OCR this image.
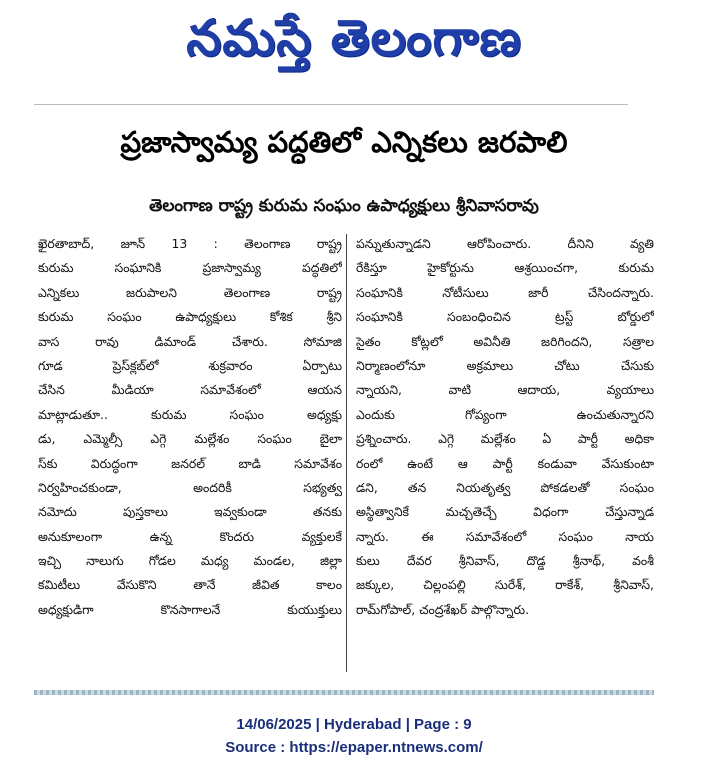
నమస్తే తెలంగాణ
ప్రజాస్వామ్య పద్ధతిలో ఎన్నికలు జరపాలి
తెలంగాణ రాష్ట్ర కురుమ సంఘం ఉపాధ్యక్షులు శ్రీనివాసరావు
ఖైరతాబాద్, జూన్ 13 : తెలంగాణ రాష్ట్ర
కురుమ సంఘానికి ప్రజాస్వామ్య పద్ధతిలో
ఎన్నికలు జరుపాలని తెలంగాణ రాష్ట్ర
కురుమ సంఘం ఉపాధ్యక్షులు కోశిక శ్రీని
వాస రావు డిమాండ్ చేశారు. సోమాజి
గూడ ప్రెస్‌క్లబ్‌లో శుక్రవారం ఏర్పాటు
చేసిన మీడియా సమావేశంలో ఆయన
మాట్లాడుతూ.. కురుమ సంఘం అధ్యక్షు
డు, ఎమ్మెల్సీ ఎగ్గె మల్లేశం సంఘం బైలా
స్‌కు విరుద్ధంగా జనరల్ బాడి సమావేశం
నిర్వహించకుండా, అందరికీ సభ్యత్వ
నమోదు పుస్తకాలు ఇవ్వకుండా తనకు
అనుకూలంగా ఉన్న కొందరు వ్యక్తులకే
ఇచ్చి నాలుగు గోడల మధ్య మండల, జిల్లా
కమిటీలు వేసుకొని తానే జీవిత కాలం
అధ్యక్షుడిగా కొనసాగాలనే కుయుక్తులు
పన్నుతున్నాడని ఆరోపించారు. దీనిని వ్యతి
రేకిస్తూ హైకోర్టును ఆశ్రయించగా, కురుమ
సంఘానికి నోటీసులు జారీ చేసిందన్నారు.
సంఘానికి సంబంధించిన ట్రస్ట్ బోర్డులో
సైతం కోట్లలో అవినీతి జరిగిందని, సత్రాల
నిర్మాణంలోనూ అక్రమాలు చోటు చేసుకు
న్నాయని, వాటి ఆదాయ, వ్యయాలు
ఎందుకు గోప్యంగా ఉంచుతున్నారని
ప్రశ్నించారు. ఎగ్గె మల్లేశం ఏ పార్టీ అధికా
రంలో ఉంటే ఆ పార్టీ కండువా వేసుకుంటా
డని, తన నియతృత్వ పోకడలతో సంఘం
అస్థిత్వానికే మచ్చతెచ్చే విధంగా చేస్తున్నాడ
న్నారు. ఈ సమావేశంలో సంఘం నాయ
కులు దేవర శ్రీనివాస్, దొడ్డ శ్రీనాథ్, వంశీ
జక్కుల, చిల్లంపల్లి సురేశ్, రాకేశ్, శ్రీనివాస్,
రామ్‌గోపాల్, చంద్రశేఖర్ పాల్గొన్నారు.
14/06/2025 | Hyderabad | Page : 9
Source : https://epaper.ntnews.com/
